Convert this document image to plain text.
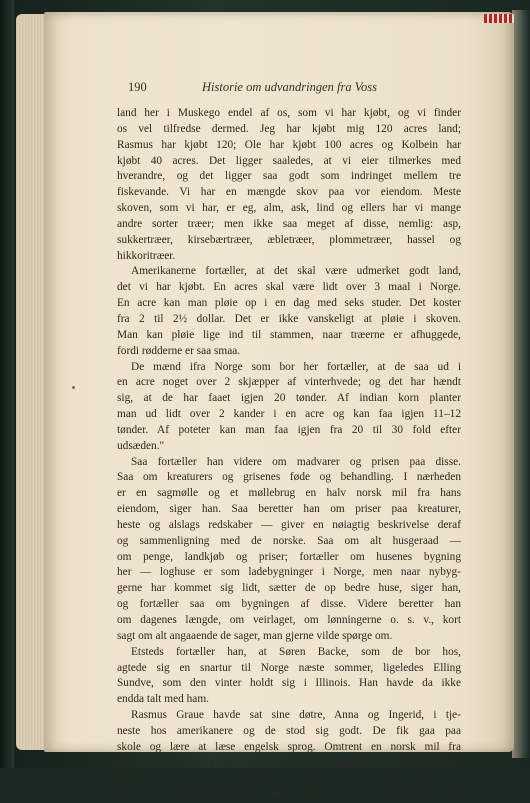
190	Historie om udvandringen fra Voss
land her i Muskego endel af os, som vi har kjøbt, og vi finder
os vel tilfredse dermed. Jeg har kjøbt mig 120 acres land;
Rasmus har kjøbt 120; Ole har kjøbt 100 acres og Kolbein har
kjøbt 40 acres. Det ligger saaledes, at vi eier tilmerkes med
hverandre, og det ligger saa godt som indringet mellem tre
fiskevande. Vi har en mængde skov paa vor eiendom. Meste
skoven, som vi har, er eg, alm, ask, lind og ellers har vi mange
andre sorter træer; men ikke saa meget af disse, nemlig: asp,
sukkertræer, kirsebærtræer, æbletræer, plommetræer, hassel og
hikkoritræer.
Amerikanerne fortæller, at det skal være udmerket godt land,
det vi har kjøbt. En acres skal være lidt over 3 maal i Norge.
En acre kan man pløie op i en dag med seks studer. Det koster
fra 2 til 2½ dollar. Det er ikke vanskeligt at pløie i skoven.
Man kan pløie lige ind til stammen, naar træerne er afhuggede,
fordi rødderne er saa smaa.
De mænd ifra Norge som bor her fortæller, at de saa ud i
en acre noget over 2 skjæpper af vinterhvede; og det har hændt
sig, at de har faaet igjen 20 tønder. Af indian korn planter
man ud lidt over 2 kander i en acre og kan faa igjen 11–12
tønder. Af poteter kan man faa igjen fra 20 til 30 fold efter
udsæden."
Saa fortæller han videre om madvarer og prisen paa disse.
Saa om kreaturers og grisenes føde og behandling. I nærheden
er en sagmølle og et møllebrug en halv norsk mil fra hans
eiendom, siger han. Saa beretter han om priser paa kreaturer,
heste og alslags redskaber — giver en nøiagtig beskrivelse deraf
og sammenligning med de norske. Saa om alt husgeraad —
om penge, landkjøb og priser; fortæller om husenes bygning
her — loghuse er som ladebygninger i Norge, men naar nybyg-
gerne har kommet sig lidt, sætter de op bedre huse, siger han,
og fortæller saa om bygningen af disse. Videre beretter han
om dagenes længde, om veirlaget, om lønningerne o. s. v., kort
sagt om alt angaaende de sager, man gjerne vilde spørge om.
Etsteds fortæller han, at Søren Backe, som de bor hos,
agtede sig en snartur til Norge næste sommer, ligeledes Elling
Sundve, som den vinter holdt sig i Illinois. Han havde da ikke
endda talt med ham.
Rasmus Graue havde sat sine døtre, Anna og Ingerid, i tje-
neste hos amerikanere og de stod sig godt. De fik gaa paa
skole og lære at læse engelsk sprog. Omtrent en norsk mil fra
dem var der en kirke, hvori der lærtes engelsk. De norske talte
ogsaa om, at de vilde opføre en kirke og faa en prest, som kan
tale norsk. Hvem han talte med, sagde, at de var lykkelige, som
